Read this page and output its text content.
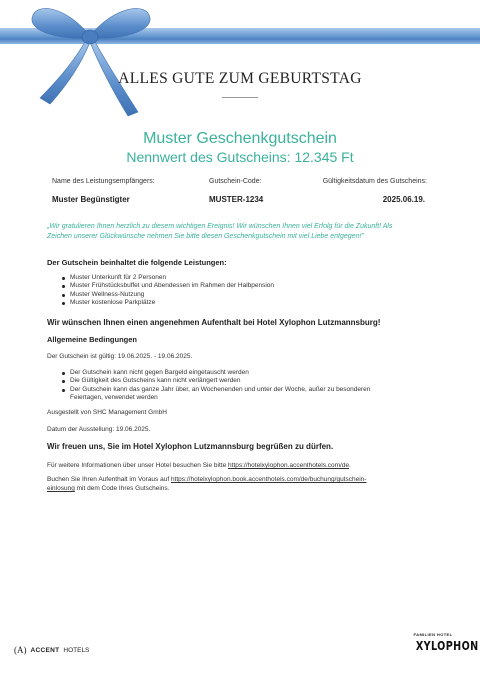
ALLES GUTE ZUM GEBURTSTAG
Muster Geschenkgutschein
Nennwert des Gutscheins: 12.345 Ft
Name des Leistungsempfängers:	Gutschein-Code:	Gültigkeitsdatum des Gutscheins:
Muster Begünstigter	MUSTER-1234	2025.06.19.
„Wir gratulieren Ihnen herzlich zu diesem wichtigen Ereignis! Wir wünschen Ihnen viel Erfolg für die Zukunft! Als
Zeichen unserer Glückwünsche nehmen Sie bitte diesen Geschenkgutschein mit viel Liebe entgegen!”
Der Gutschein beinhaltet die folgende Leistungen:
Muster Unterkunft für 2 Personen
Muster Frühstücksbuffet und Abendessen im Rahmen der Halbpension
Muster Wellness-Nutzung
Muster kostenlose Parkplätze
Wir wünschen Ihnen einen angenehmen Aufenthalt bei Hotel Xylophon Lutzmannsburg!
Allgemeine Bedingungen
Der Gutschein ist gültig: 19.06.2025. - 19.06.2025.
Der Gutschein kann nicht gegen Bargeld eingetauscht werden
Die Gültigkeit des Gutscheins kann nicht verlängert werden
Der Gutschein kann das ganze Jahr über, an Wochenenden und unter der Woche, außer zu besonderen
Feiertagen, verwendet werden
Ausgestellt von SHC Management GmbH
Datum der Ausstellung: 19.06.2025.
Wir freuen uns, Sie im Hotel Xylophon Lutzmannsburg begrüßen zu dürfen.
Für weitere Informationen über unser Hotel besuchen Sie bitte https://hotelxylophon.accenthotels.com/de.
Buchen Sie Ihren Aufenthalt im Voraus auf https://hotelxylophon.book.accenthotels.com/de/buchung/gutschein-
einlosung mit dem Code Ihres Gutscheins.
(A) ACCENT HOTELS
FAMILIEN HOTEL
XYLOPHON
